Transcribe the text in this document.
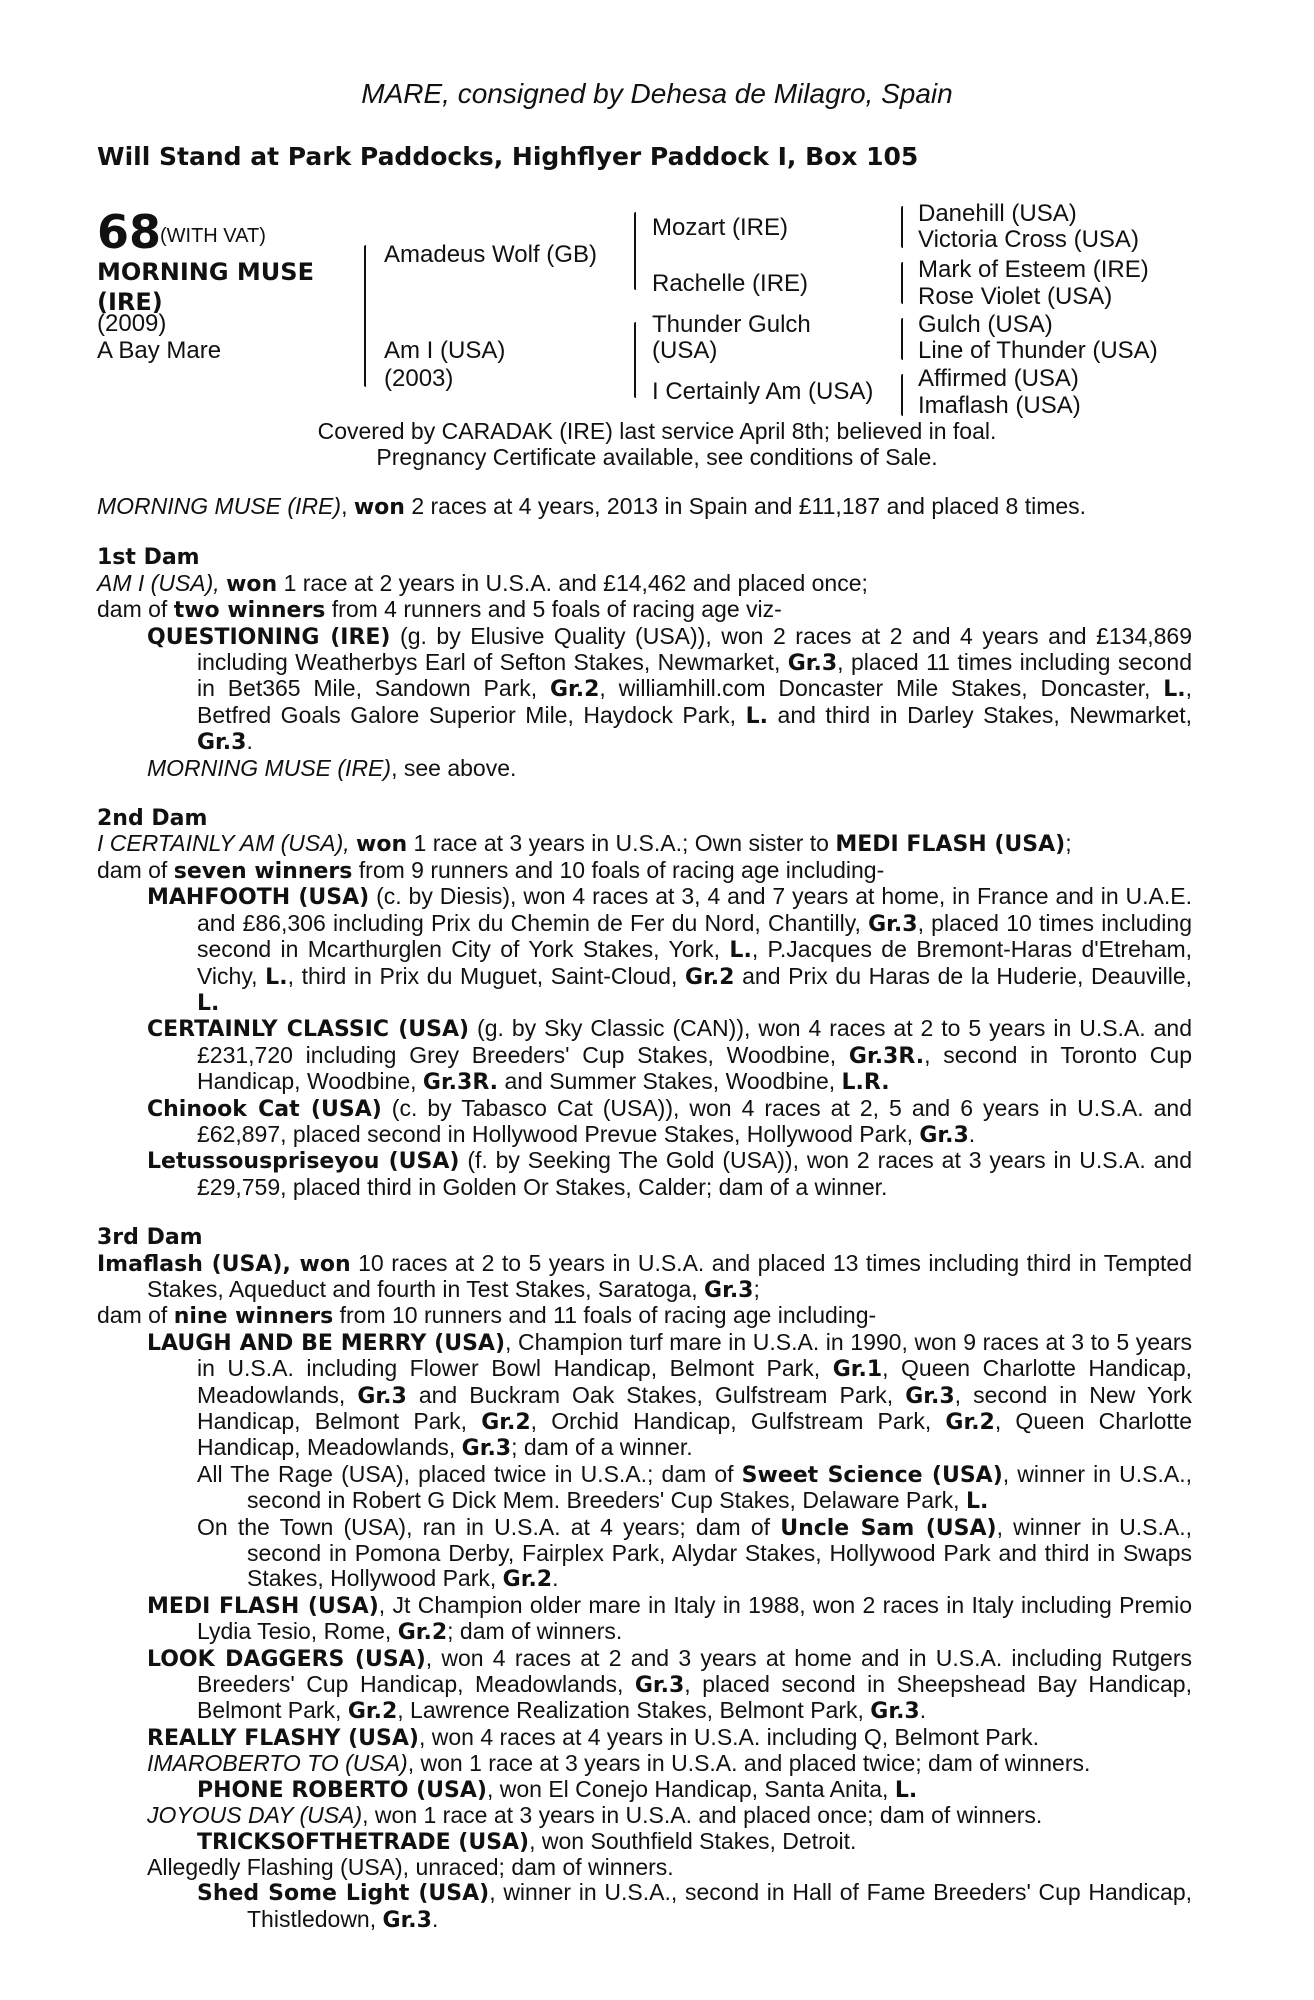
MARE, consigned by Dehesa de Milagro, Spain
Will Stand at Park Paddocks, Highflyer Paddock I, Box 105
68
(WITH VAT)
MORNING MUSE (IRE)
(2009)
A Bay Mare
Amadeus Wolf (GB)
Am I (USA)
(2003)
Mozart (IRE)
Rachelle (IRE)
Thunder Gulch
(USA)
I Certainly Am (USA)
Danehill (USA)
Victoria Cross (USA)
Mark of Esteem (IRE)
Rose Violet (USA)
Gulch (USA)
Line of Thunder (USA)
Affirmed (USA)
Imaflash (USA)
Covered by CARADAK (IRE) last service April 8th; believed in foal.
Pregnancy Certificate available, see conditions of Sale.

MORNING MUSE (IRE), won 2 races at 4 years, 2013 in Spain and £11,187 and placed 8 times.

1st Dam

AM I (USA), won 1 race at 2 years in U.S.A. and £14,462 and placed once;

dam of two winners from 4 runners and 5 foals of racing age viz-

QUESTIONING (IRE) (g. by Elusive Quality (USA)), won 2 races at 2 and 4 years and £134,869 including Weatherbys Earl of Sefton Stakes, Newmarket, Gr.3, placed 11 times including second in Bet365 Mile, Sandown Park, Gr.2, williamhill.com Doncaster Mile Stakes, Doncaster, L., Betfred Goals Galore Superior Mile, Haydock Park, L. and third in Darley Stakes, Newmarket, Gr.3.

MORNING MUSE (IRE), see above.

2nd Dam

I CERTAINLY AM (USA), won 1 race at 3 years in U.S.A.; Own sister to MEDI FLASH (USA);

dam of seven winners from 9 runners and 10 foals of racing age including-

MAHFOOTH (USA) (c. by Diesis), won 4 races at 3, 4 and 7 years at home, in France and in U.A.E. and £86,306 including Prix du Chemin de Fer du Nord, Chantilly, Gr.3, placed 10 times including second in Mcarthurglen City of York Stakes, York, L., P.Jacques de Bremont-Haras d'Etreham, Vichy, L., third in Prix du Muguet, Saint-Cloud, Gr.2 and Prix du Haras de la Huderie, Deauville, L.

CERTAINLY CLASSIC (USA) (g. by Sky Classic (CAN)), won 4 races at 2 to 5 years in U.S.A. and £231,720 including Grey Breeders' Cup Stakes, Woodbine, Gr.3R., second in Toronto Cup Handicap, Woodbine, Gr.3R. and Summer Stakes, Woodbine, L.R.

Chinook Cat (USA) (c. by Tabasco Cat (USA)), won 4 races at 2, 5 and 6 years in U.S.A. and £62,897, placed second in Hollywood Prevue Stakes, Hollywood Park, Gr.3.

Letussouspriseyou (USA) (f. by Seeking The Gold (USA)), won 2 races at 3 years in U.S.A. and £29,759, placed third in Golden Or Stakes, Calder; dam of a winner.

3rd Dam

Imaflash (USA), won 10 races at 2 to 5 years in U.S.A. and placed 13 times including third in Tempted Stakes, Aqueduct and fourth in Test Stakes, Saratoga, Gr.3;

dam of nine winners from 10 runners and 11 foals of racing age including-

LAUGH AND BE MERRY (USA), Champion turf mare in U.S.A. in 1990, won 9 races at 3 to 5 years in U.S.A. including Flower Bowl Handicap, Belmont Park, Gr.1, Queen Charlotte Handicap, Meadowlands, Gr.3 and Buckram Oak Stakes, Gulfstream Park, Gr.3, second in New York Handicap, Belmont Park, Gr.2, Orchid Handicap, Gulfstream Park, Gr.2, Queen Charlotte Handicap, Meadowlands, Gr.3; dam of a winner.

All The Rage (USA), placed twice in U.S.A.; dam of Sweet Science (USA), winner in U.S.A., second in Robert G Dick Mem. Breeders' Cup Stakes, Delaware Park, L.

On the Town (USA), ran in U.S.A. at 4 years; dam of Uncle Sam (USA), winner in U.S.A., second in Pomona Derby, Fairplex Park, Alydar Stakes, Hollywood Park and third in Swaps Stakes, Hollywood Park, Gr.2.

MEDI FLASH (USA), Jt Champion older mare in Italy in 1988, won 2 races in Italy including Premio Lydia Tesio, Rome, Gr.2; dam of winners.

LOOK DAGGERS (USA), won 4 races at 2 and 3 years at home and in U.S.A. including Rutgers Breeders' Cup Handicap, Meadowlands, Gr.3, placed second in Sheepshead Bay Handicap, Belmont Park, Gr.2, Lawrence Realization Stakes, Belmont Park, Gr.3.

REALLY FLASHY (USA), won 4 races at 4 years in U.S.A. including Q, Belmont Park.

IMAROBERTO TO (USA), won 1 race at 3 years in U.S.A. and placed twice; dam of winners.

PHONE ROBERTO (USA), won El Conejo Handicap, Santa Anita, L.

JOYOUS DAY (USA), won 1 race at 3 years in U.S.A. and placed once; dam of winners.

TRICKSOFTHETRADE (USA), won Southfield Stakes, Detroit.

Allegedly Flashing (USA), unraced; dam of winners.

Shed Some Light (USA), winner in U.S.A., second in Hall of Fame Breeders' Cup Handicap, Thistledown, Gr.3.
